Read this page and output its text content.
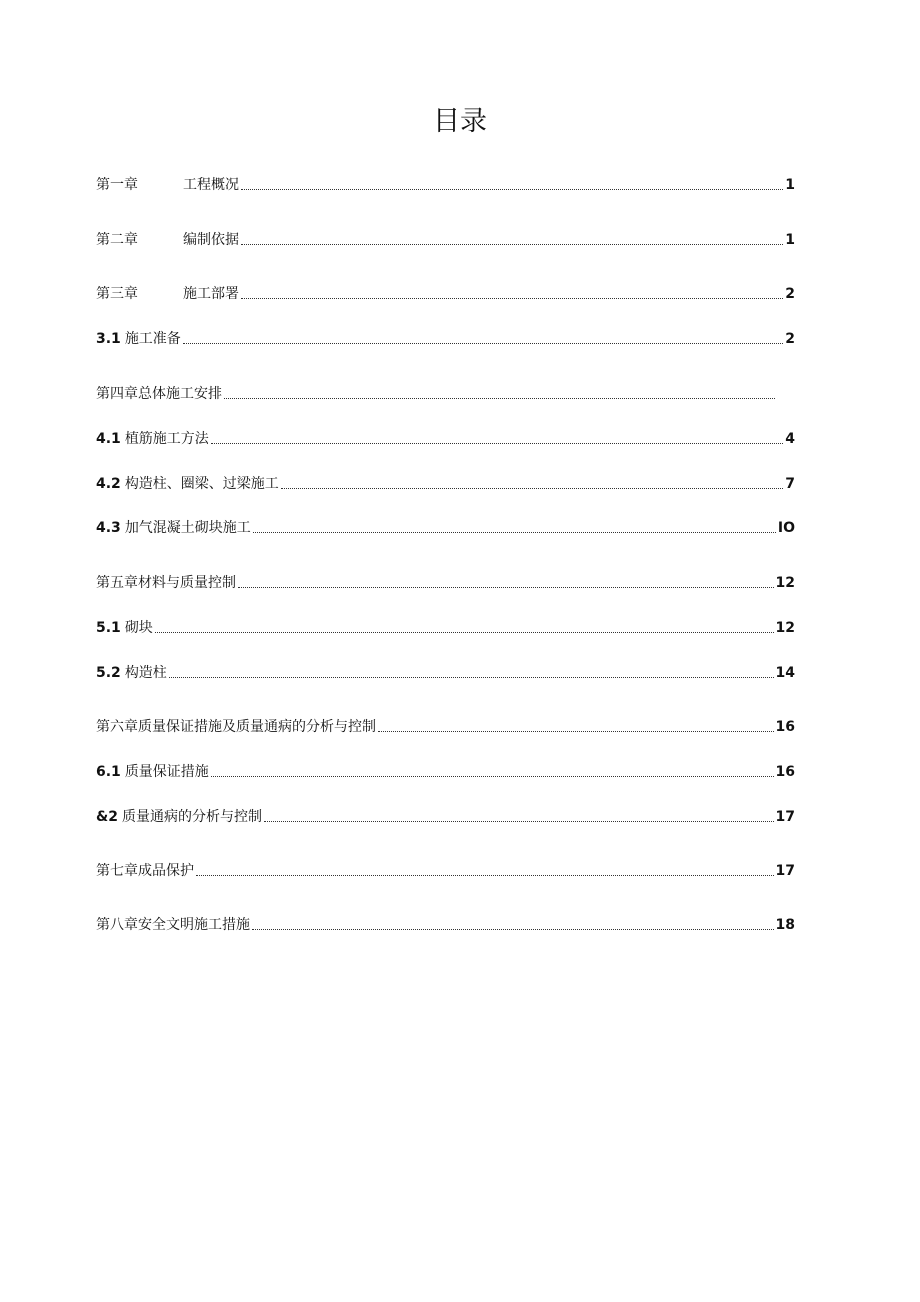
目录
第一章	工程概况	1
第二章	编制依据	1
第三章	施工部署	2
3.1 施工准备	2
第四章总体施工安排
4.1 植筋施工方法	4
4.2 构造柱、圈梁、过梁施工	7
4.3 加气混凝土砌块施工	IO
第五章材料与质量控制	12
5.1 砌块	12
5.2 构造柱	14
第六章质量保证措施及质量通病的分析与控制	16
6.1 质量保证措施	16
&2 质量通病的分析与控制	17
第七章成品保护	17
第八章安全文明施工措施	18
